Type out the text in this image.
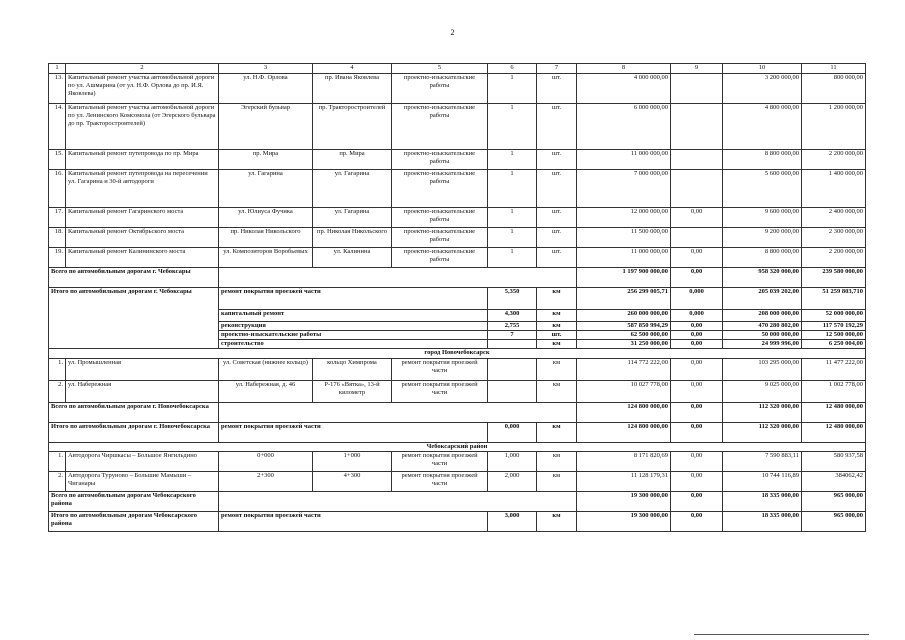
2
1	2	3	4	5	6	7	8	9	10	11
13.	Капитальный ремонт участка автомобильной дороги по ул. Ашмарина (от ул. Н.Ф. Орлова до пр. И.Я. Яковлева)	ул. Н.Ф. Орлова	пр. Ивана Яковлева	проектно-изыскательские работы	1	шт.	4 000 000,00		3 200 000,00	800 000,00
14.	Капитальный ремонт участка автомобильной дороги по ул. Ленинского Комсомола (от Эгерского бульвара до пр. Тракторостроителей)	Эгерский бульвар	пр. Тракторостроителей	проектно-изыскательские работы	1	шт.	6 000 000,00		4 800 000,00	1 200 000,00
15.	Капитальный ремонт путепровода по пр. Мира	пр. Мира	пр. Мира	проектно-изыскательские работы	1	шт.	11 000 000,00		8 800 000,00	2 200 000,00
16.	Капитальный ремонт путепровода на пересечении ул. Гагарина и 30-й автодороги	ул. Гагарина	ул. Гагарина	проектно-изыскательские работы	1	шт.	7 000 000,00		5 600 000,00	1 400 000,00
17.	Капитальный ремонт Гагаринского моста	ул. Юлиуса Фучика	ул. Гагарина	проектно-изыскательские работы	1	шт.	12 000 000,00	0,00	9 600 000,00	2 400 000,00
18.	Капитальный ремонт Октябрьского моста	пр. Николая Никольского	пр. Николая Никольского	проектно-изыскательские работы	1	шт.	11 500 000,00		9 200 000,00	2 300 000,00
19.	Капитальный ремонт Калининского моста	ул. Композиторов Воробьевых	ул. Калинина	проектно-изыскательские работы	1	шт.	11 000 000,00	0,00	8 800 000,00	2 200 000,00
Всего по автомобильным дорогам г. Чебоксары							1 197 900 000,00	0,00	958 320 000,00	239 580 000,00
Итого по автомобильным дорогам г. Чебоксары		ремонт покрытия проезжей части			5,350	км	256 299 005,71	0,000	205 039 202,00	51 259 803,710
		капитальный ремонт			4,300	км	260 000 000,00	0,000	208 000 000,00	52 000 000,00
		реконструкция			2,755	км	587 850 994,29	0,00	470 280 802,00	117 570 192,29
		проектно-изыскательские работы			7	шт.	62 500 000,00	0,00	50 000 000,00	12 500 000,00
		строительство				км	31 250 000,00	0,00	24 999 996,00	6 250 004,00
город Новочебоксарск										
1.	ул. Промышленная	ул. Советская (нижнее кольцо)	кольцо Химпрома	ремонт покрытия проезжей части		км	114 772 222,00	0,00	103 295 000,00	11 477 222,00
2.	ул. Набережная	ул. Набережная, д. 46	Р-176 «Вятка», 13-й километр	ремонт покрытия проезжей части		км	10 027 778,00	0,00	9 025 000,00	1 002 778,00
Всего по автомобильным дорогам г. Новочебоксарска							124 800 000,00	0,00	112 320 000,00	12 480 000,00
Итого по автомобильным дорогам г. Новочебоксарска		ремонт покрытия проезжей части			0,000	км	124 800 000,00	0,00	112 320 000,00	12 480 000,00
Чебоксарский район										
1.	Автодорога Чиршкасы – Большое Янгильдино	0+000	1+000	ремонт покрытия проезжей части	1,000	км	8 171 820,69	0,00	7 590 883,11	580 937,58
2.	Автодорога Туруново – Большие Мамыши – Чиганары	2+300	4+300	ремонт покрытия проезжей части	2,000	км	11 128 179,31	0,00	10 744 116,89	384062,42
Всего по автомобильным дорогам Чебоксарского района							19 300 000,00	0,00	18 335 000,00	965 000,00
Итого по автомобильным дорогам Чебоксарского района		ремонт покрытия проезжей части			3,000	км	19 300 000,00	0,00	18 335 000,00	965 000,00
